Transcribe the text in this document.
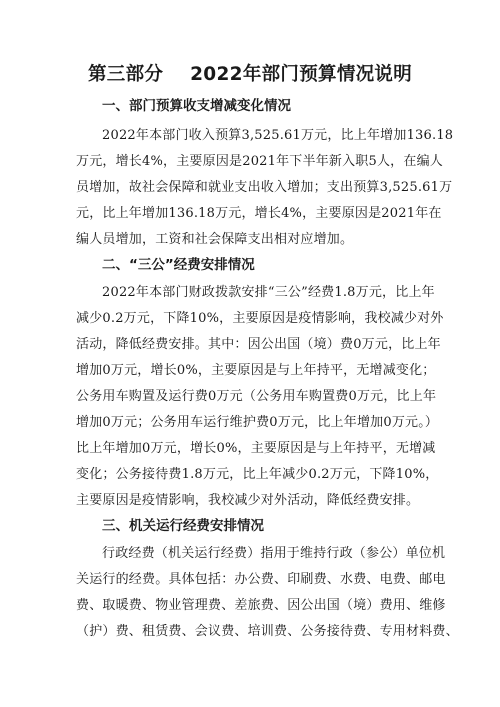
第三部分    2022年部门预算情况说明
一、部门预算收支增减变化情况
2022年本部门收入预算3,525.61万元，比上年增加136.18
万元，增长4%，主要原因是2021年下半年新入职5人，在编人
员增加，故社会保障和就业支出收入增加；支出预算3,525.61万
元，比上年增加136.18万元，增长4%，主要原因是2021年在
编人员增加，工资和社会保障支出相对应增加。
二、“三公”经费安排情况
2022年本部门财政拨款安排“三公”经费1.8万元，比上年
减少0.2万元，下降10%，主要原因是疫情影响，我校减少对外
活动，降低经费安排。其中：因公出国（境）费0万元，比上年
增加0万元，增长0%，主要原因是与上年持平，无增减变化；
公务用车购置及运行费0万元（公务用车购置费0万元，比上年
增加0万元；公务用车运行维护费0万元，比上年增加0万元。）
比上年增加0万元，增长0%，主要原因是与上年持平，无增减
变化；公务接待费1.8万元，比上年减少0.2万元，下降10%，
主要原因是疫情影响，我校减少对外活动，降低经费安排。
三、机关运行经费安排情况
行政经费（机关运行经费）指用于维持行政（参公）单位机
关运行的经费。具体包括：办公费、印刷费、水费、电费、邮电
费、取暖费、物业管理费、差旅费、因公出国（境）费用、维修
（护）费、租赁费、会议费、培训费、公务接待费、专用材料费、
